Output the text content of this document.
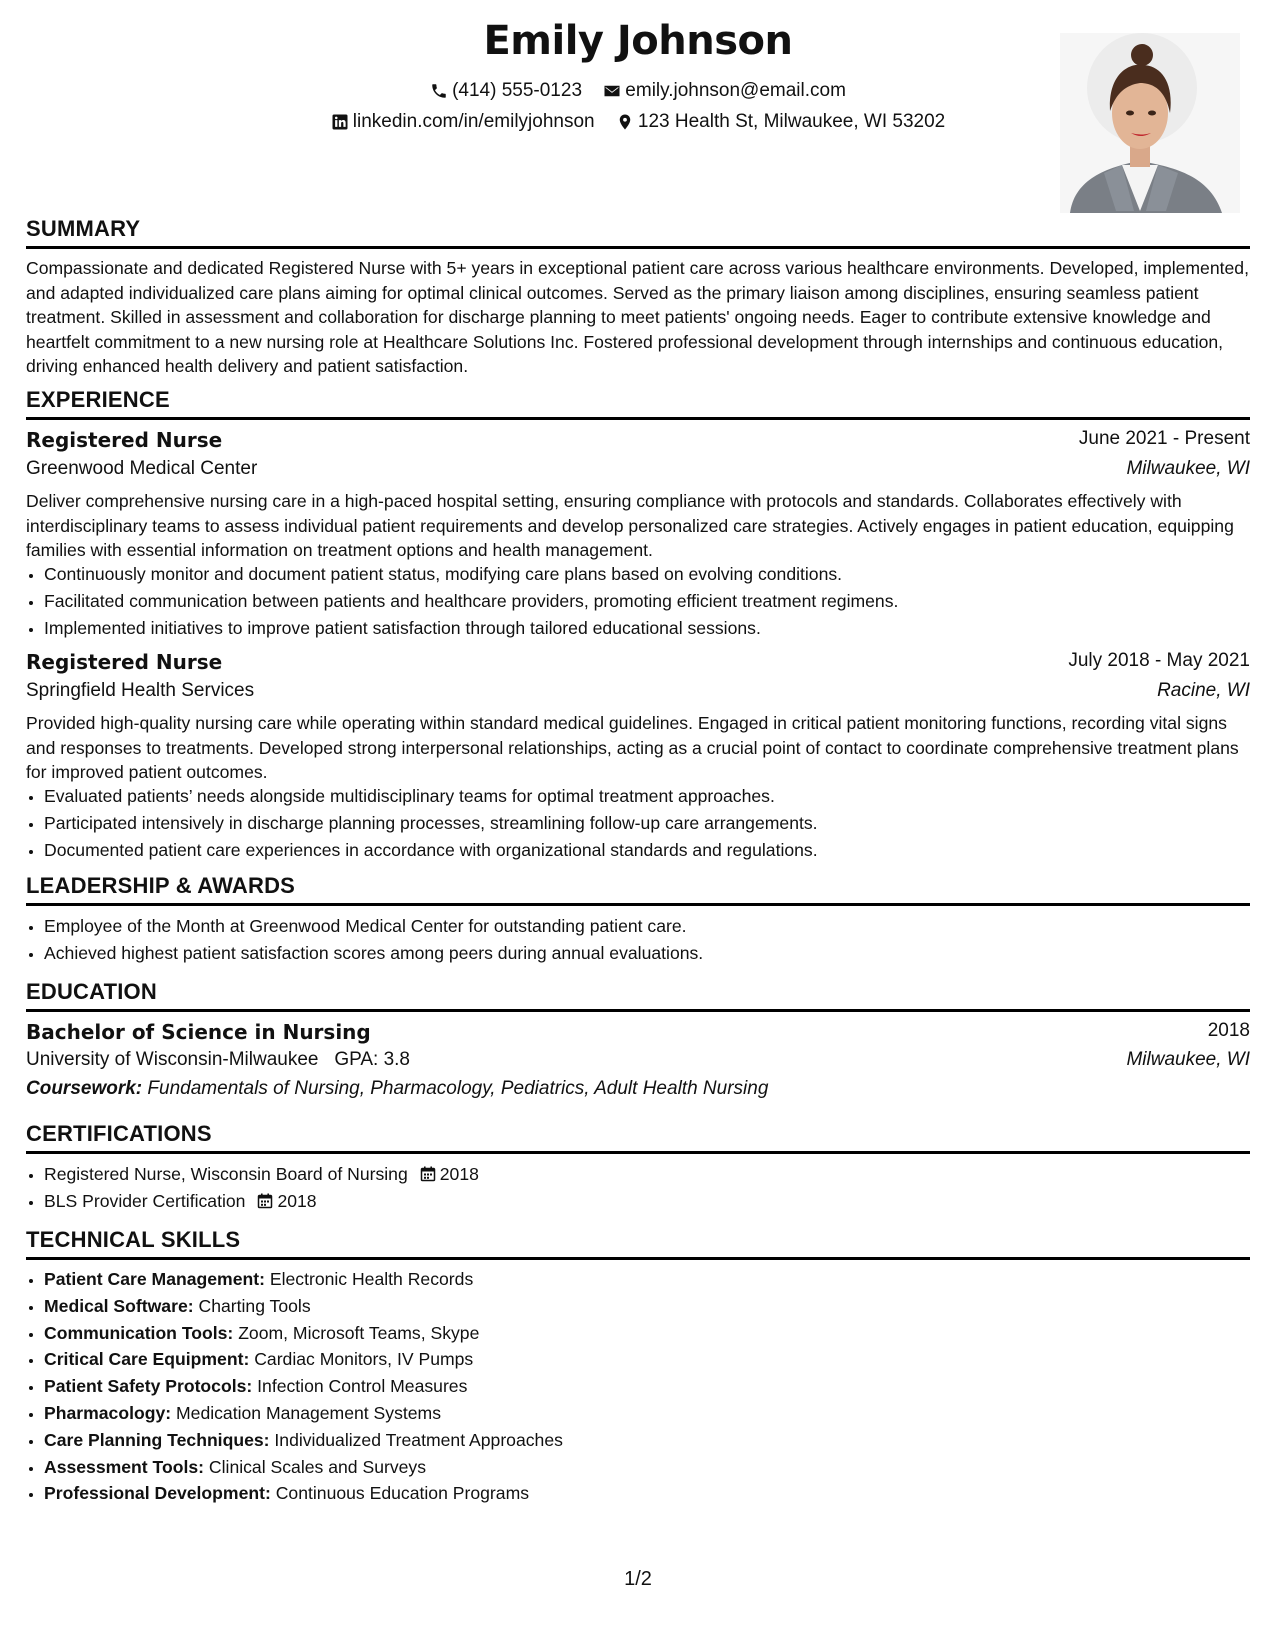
Emily Johnson
(414) 555-0123
emily.johnson@email.com
linkedin.com/in/emilyjohnson
123 Health St, Milwaukee, WI 53202
SUMMARY
Compassionate and dedicated Registered Nurse with 5+ years in exceptional patient care across various healthcare environments. Developed, implemented, and adapted individualized care plans aiming for optimal clinical outcomes. Served as the primary liaison among disciplines, ensuring seamless patient treatment. Skilled in assessment and collaboration for discharge planning to meet patients' ongoing needs. Eager to contribute extensive knowledge and heartfelt commitment to a new nursing role at Healthcare Solutions Inc. Fostered professional development through internships and continuous education, driving enhanced health delivery and patient satisfaction.
EXPERIENCE
Registered Nurse	June 2021 - Present
Greenwood Medical Center	Milwaukee, WI
Deliver comprehensive nursing care in a high-paced hospital setting, ensuring compliance with protocols and standards. Collaborates effectively with interdisciplinary teams to assess individual patient requirements and develop personalized care strategies. Actively engages in patient education, equipping families with essential information on treatment options and health management.
• Continuously monitor and document patient status, modifying care plans based on evolving conditions.
• Facilitated communication between patients and healthcare providers, promoting efficient treatment regimens.
• Implemented initiatives to improve patient satisfaction through tailored educational sessions.
Registered Nurse	July 2018 - May 2021
Springfield Health Services	Racine, WI
Provided high-quality nursing care while operating within standard medical guidelines. Engaged in critical patient monitoring functions, recording vital signs and responses to treatments. Developed strong interpersonal relationships, acting as a crucial point of contact to coordinate comprehensive treatment plans for improved patient outcomes.
• Evaluated patients’ needs alongside multidisciplinary teams for optimal treatment approaches.
• Participated intensively in discharge planning processes, streamlining follow-up care arrangements.
• Documented patient care experiences in accordance with organizational standards and regulations.
LEADERSHIP & AWARDS
• Employee of the Month at Greenwood Medical Center for outstanding patient care.
• Achieved highest patient satisfaction scores among peers during annual evaluations.
EDUCATION
Bachelor of Science in Nursing	2018
University of Wisconsin-Milwaukee GPA: 3.8	Milwaukee, WI
Coursework: Fundamentals of Nursing, Pharmacology, Pediatrics, Adult Health Nursing
CERTIFICATIONS
• Registered Nurse, Wisconsin Board of Nursing 2018
• BLS Provider Certification 2018
TECHNICAL SKILLS
• Patient Care Management: Electronic Health Records
• Medical Software: Charting Tools
• Communication Tools: Zoom, Microsoft Teams, Skype
• Critical Care Equipment: Cardiac Monitors, IV Pumps
• Patient Safety Protocols: Infection Control Measures
• Pharmacology: Medication Management Systems
• Care Planning Techniques: Individualized Treatment Approaches
• Assessment Tools: Clinical Scales and Surveys
• Professional Development: Continuous Education Programs
1/2
